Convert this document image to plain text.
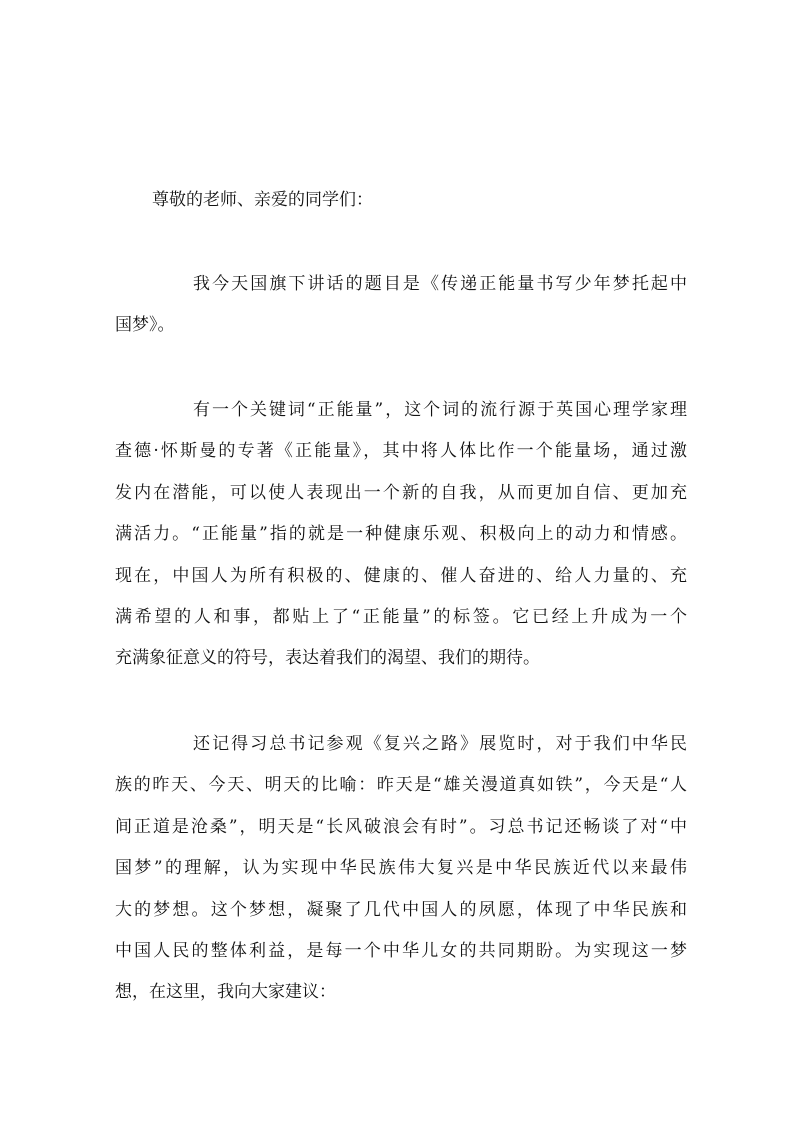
尊敬的老师、亲爱的同学们：
我今天国旗下讲话的题目是《传递正能量书写少年梦托起中
国梦》。
有一个关键词“正能量”，这个词的流行源于英国心理学家理
查德·怀斯曼的专著《正能量》，其中将人体比作一个能量场，通过激
发内在潜能，可以使人表现出一个新的自我，从而更加自信、更加充
满活力。“正能量”指的就是一种健康乐观、积极向上的动力和情感。
现在，中国人为所有积极的、健康的、催人奋进的、给人力量的、充
满希望的人和事，都贴上了“正能量”的标签。它已经上升成为一个
充满象征意义的符号，表达着我们的渴望、我们的期待。
还记得习总书记参观《复兴之路》展览时，对于我们中华民
族的昨天、今天、明天的比喻：昨天是“雄关漫道真如铁”，今天是“人
间正道是沧桑”，明天是“长风破浪会有时”。习总书记还畅谈了对“中
国梦”的理解，认为实现中华民族伟大复兴是中华民族近代以来最伟
大的梦想。这个梦想，凝聚了几代中国人的夙愿，体现了中华民族和
中国人民的整体利益，是每一个中华儿女的共同期盼。为实现这一梦
想，在这里，我向大家建议：
